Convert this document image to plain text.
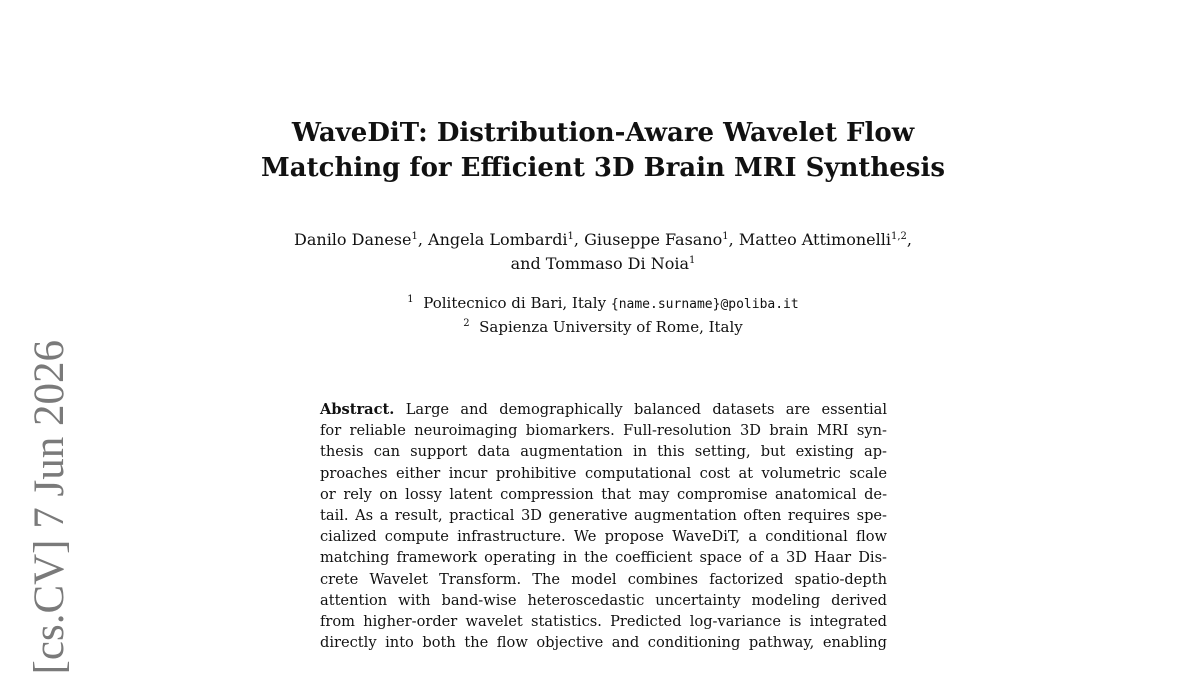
[cs.CV] 7 Jun 2026
WaveDiT: Distribution-Aware Wavelet Flow
Matching for Efficient 3D Brain MRI Synthesis
Danilo Danese$^1$, Angela Lombardi$^1$, Giuseppe Fasano$^1$, Matteo Attimonelli$^{1,2}$,
and Tommaso Di Noia$^1$
$^1$ Politecnico di Bari, Italy {name.surname}@poliba.it
$^2$ Sapienza University of Rome, Italy
Abstract. Large and demographically balanced datasets are essential
for reliable neuroimaging biomarkers. Full-resolution 3D brain MRI syn-
thesis can support data augmentation in this setting, but existing ap-
proaches either incur prohibitive computational cost at volumetric scale
or rely on lossy latent compression that may compromise anatomical de-
tail. As a result, practical 3D generative augmentation often requires spe-
cialized compute infrastructure. We propose WaveDiT, a conditional flow
matching framework operating in the coefficient space of a 3D Haar Dis-
crete Wavelet Transform. The model combines factorized spatio-depth
attention with band-wise heteroscedastic uncertainty modeling derived
from higher-order wavelet statistics. Predicted log-variance is integrated
directly into both the flow objective and conditioning pathway, enabling
